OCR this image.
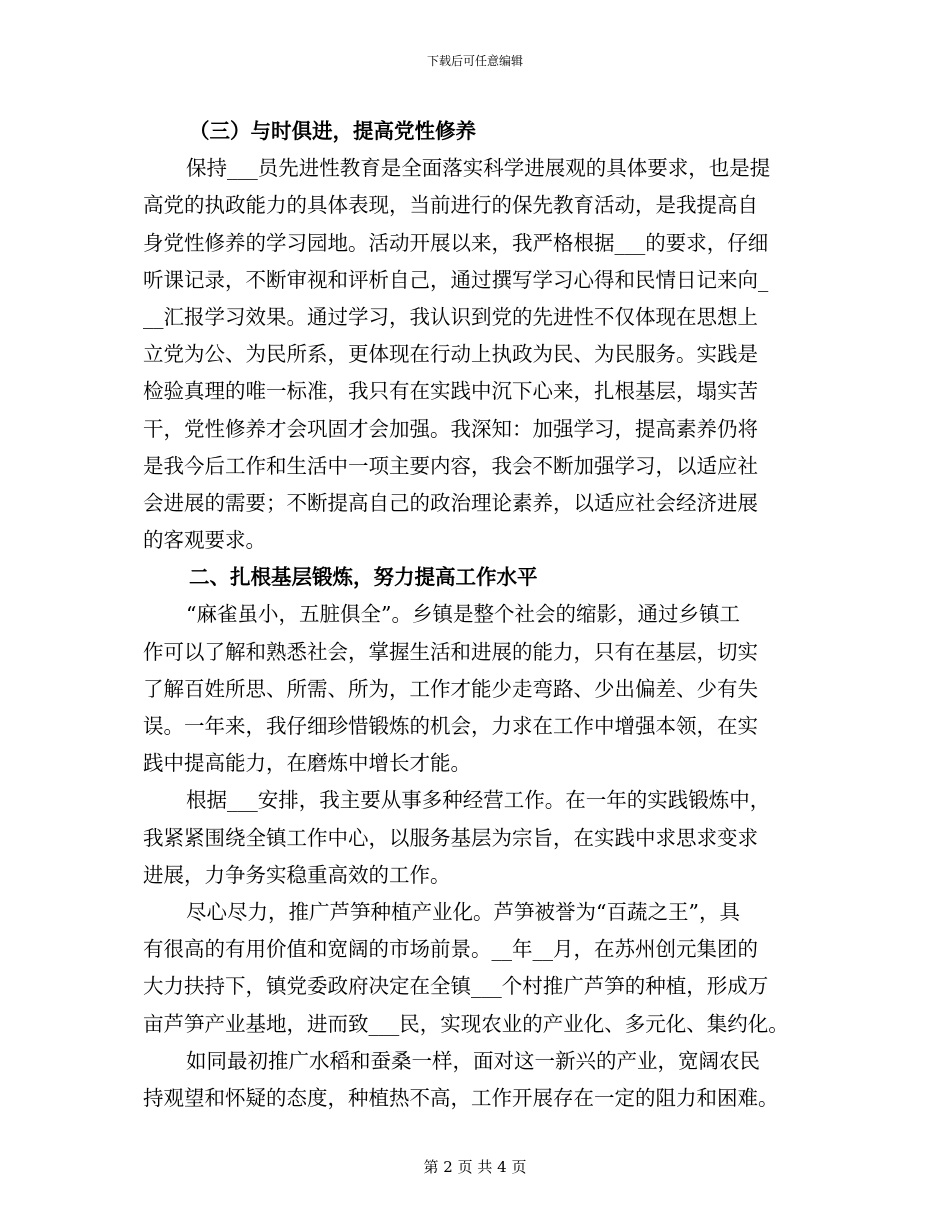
下载后可任意编辑
（三）与时俱进，提高党性修养
保持___员先进性教育是全面落实科学进展观的具体要求，也是提
高党的执政能力的具体表现，当前进行的保先教育活动，是我提高自
身党性修养的学习园地。活动开展以来，我严格根据___的要求，仔细
听课记录，不断审视和评析自己，通过撰写学习心得和民情日记来向_
__汇报学习效果。通过学习，我认识到党的先进性不仅体现在思想上
立党为公、为民所系，更体现在行动上执政为民、为民服务。实践是
检验真理的唯一标准，我只有在实践中沉下心来，扎根基层，塌实苦
干，党性修养才会巩固才会加强。我深知：加强学习，提高素养仍将
是我今后工作和生活中一项主要内容，我会不断加强学习，以适应社
会进展的需要；不断提高自己的政治理论素养，以适应社会经济进展
的客观要求。
二、扎根基层锻炼，努力提高工作水平
“麻雀虽小，五脏俱全”。乡镇是整个社会的缩影，通过乡镇工
作可以了解和熟悉社会，掌握生活和进展的能力，只有在基层，切实
了解百姓所思、所需、所为，工作才能少走弯路、少出偏差、少有失
误。一年来，我仔细珍惜锻炼的机会，力求在工作中增强本领，在实
践中提高能力，在磨炼中增长才能。
根据___安排，我主要从事多种经营工作。在一年的实践锻炼中，
我紧紧围绕全镇工作中心，以服务基层为宗旨，在实践中求思求变求
进展，力争务实稳重高效的工作。
尽心尽力，推广芦笋种植产业化。芦笋被誉为“百蔬之王”，具
有很高的有用价值和宽阔的市场前景。__年__月，在苏州创元集团的
大力扶持下，镇党委政府决定在全镇___个村推广芦笋的种植，形成万
亩芦笋产业基地，进而致___民，实现农业的产业化、多元化、集约化。
如同最初推广水稻和蚕桑一样，面对这一新兴的产业，宽阔农民
持观望和怀疑的态度，种植热不高，工作开展存在一定的阻力和困难。
第 2 页 共 4 页
